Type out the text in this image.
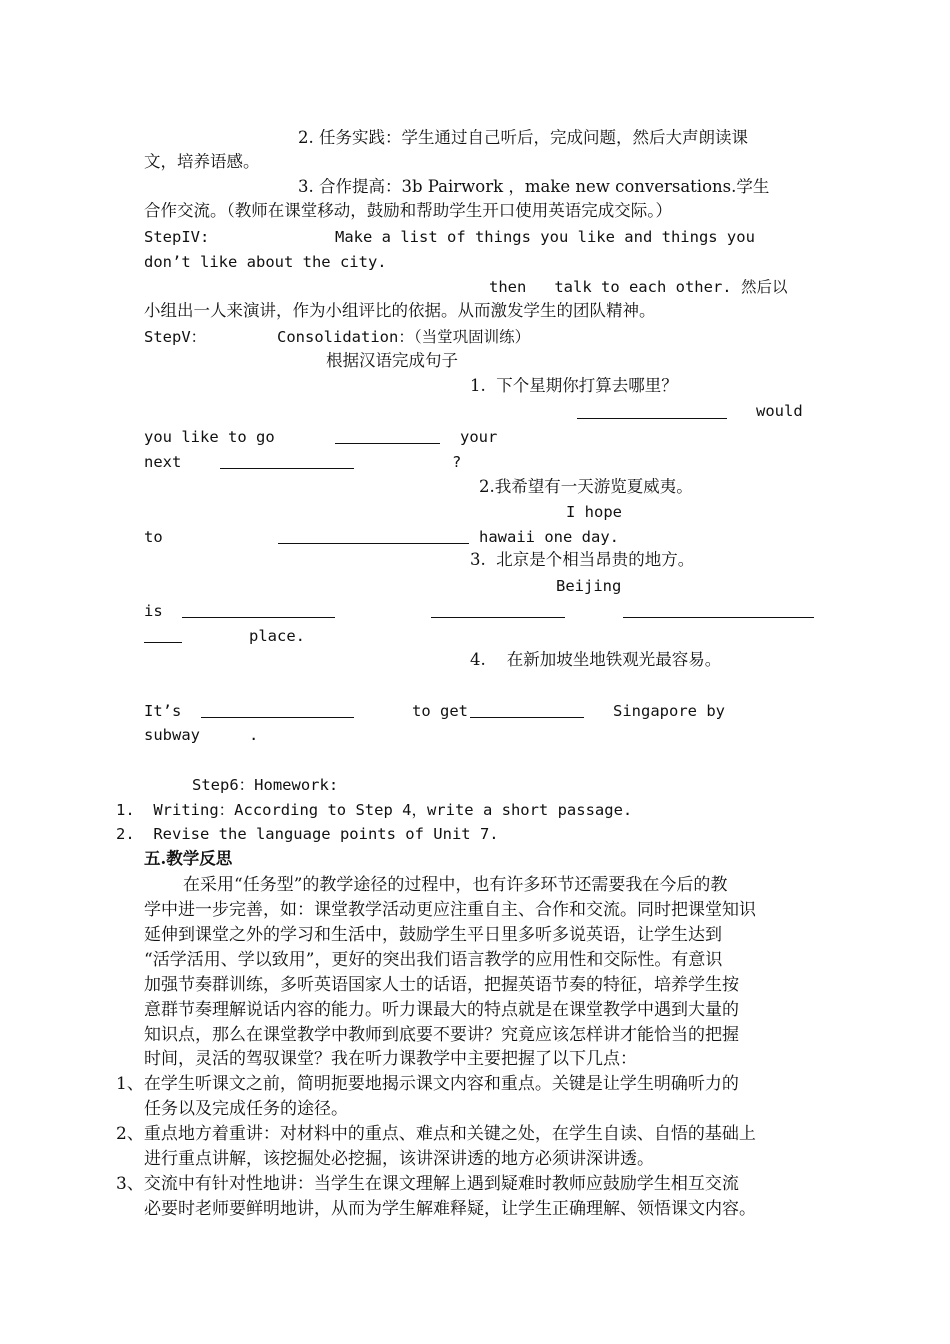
2. 任务实践：学生通过自己听后，完成问题，然后大声朗读课
文，培养语感。
3. 合作提高：3b Pairwork ，make new conversations.学生
合作交流。（教师在课堂移动，鼓励和帮助学生开口使用英语完成交际。）
StepIV:	Make a list of things you like and things you
don’t like about the city.
then   talk to each other. 然后以
小组出一人来演讲，作为小组评比的依据。从而激发学生的团队精神。
StepV：	Consolidation：（当堂巩固训练）
根据汉语完成句子
1.  下个星期你打算去哪里？
would
you like to go	your
next	?
2.我希望有一天游览夏威夷。
I hope
to	hawaii one day.
3.  北京是个相当昂贵的地方。
Beijing
is
place.
4.    在新加坡坐地铁观光最容易。
It’s	to get	Singapore by
subway	.
Step6：Homework:
1.  Writing：According to Step 4，write a short passage.
2.  Revise the language points of Unit 7.
五.教学反思
在采用“任务型”的教学途径的过程中，也有许多环节还需要我在今后的教
学中进一步完善，如：课堂教学活动更应注重自主、合作和交流。同时把课堂知识
延伸到课堂之外的学习和生活中，鼓励学生平日里多听多说英语，让学生达到
“活学活用、学以致用”，更好的突出我们语言教学的应用性和交际性。有意识
加强节奏群训练，多听英语国家人士的话语，把握英语节奏的特征，培养学生按
意群节奏理解说话内容的能力。听力课最大的特点就是在课堂教学中遇到大量的
知识点，那么在课堂教学中教师到底要不要讲？究竟应该怎样讲才能恰当的把握
时间，灵活的驾驭课堂？我在听力课教学中主要把握了以下几点：
1、在学生听课文之前，简明扼要地揭示课文内容和重点。关键是让学生明确听力的
任务以及完成任务的途径。
2、重点地方着重讲：对材料中的重点、难点和关键之处，在学生自读、自悟的基础上
进行重点讲解，该挖掘处必挖掘，该讲深讲透的地方必须讲深讲透。
3、交流中有针对性地讲：当学生在课文理解上遇到疑难时教师应鼓励学生相互交流
必要时老师要鲜明地讲，从而为学生解难释疑，让学生正确理解、领悟课文内容。
